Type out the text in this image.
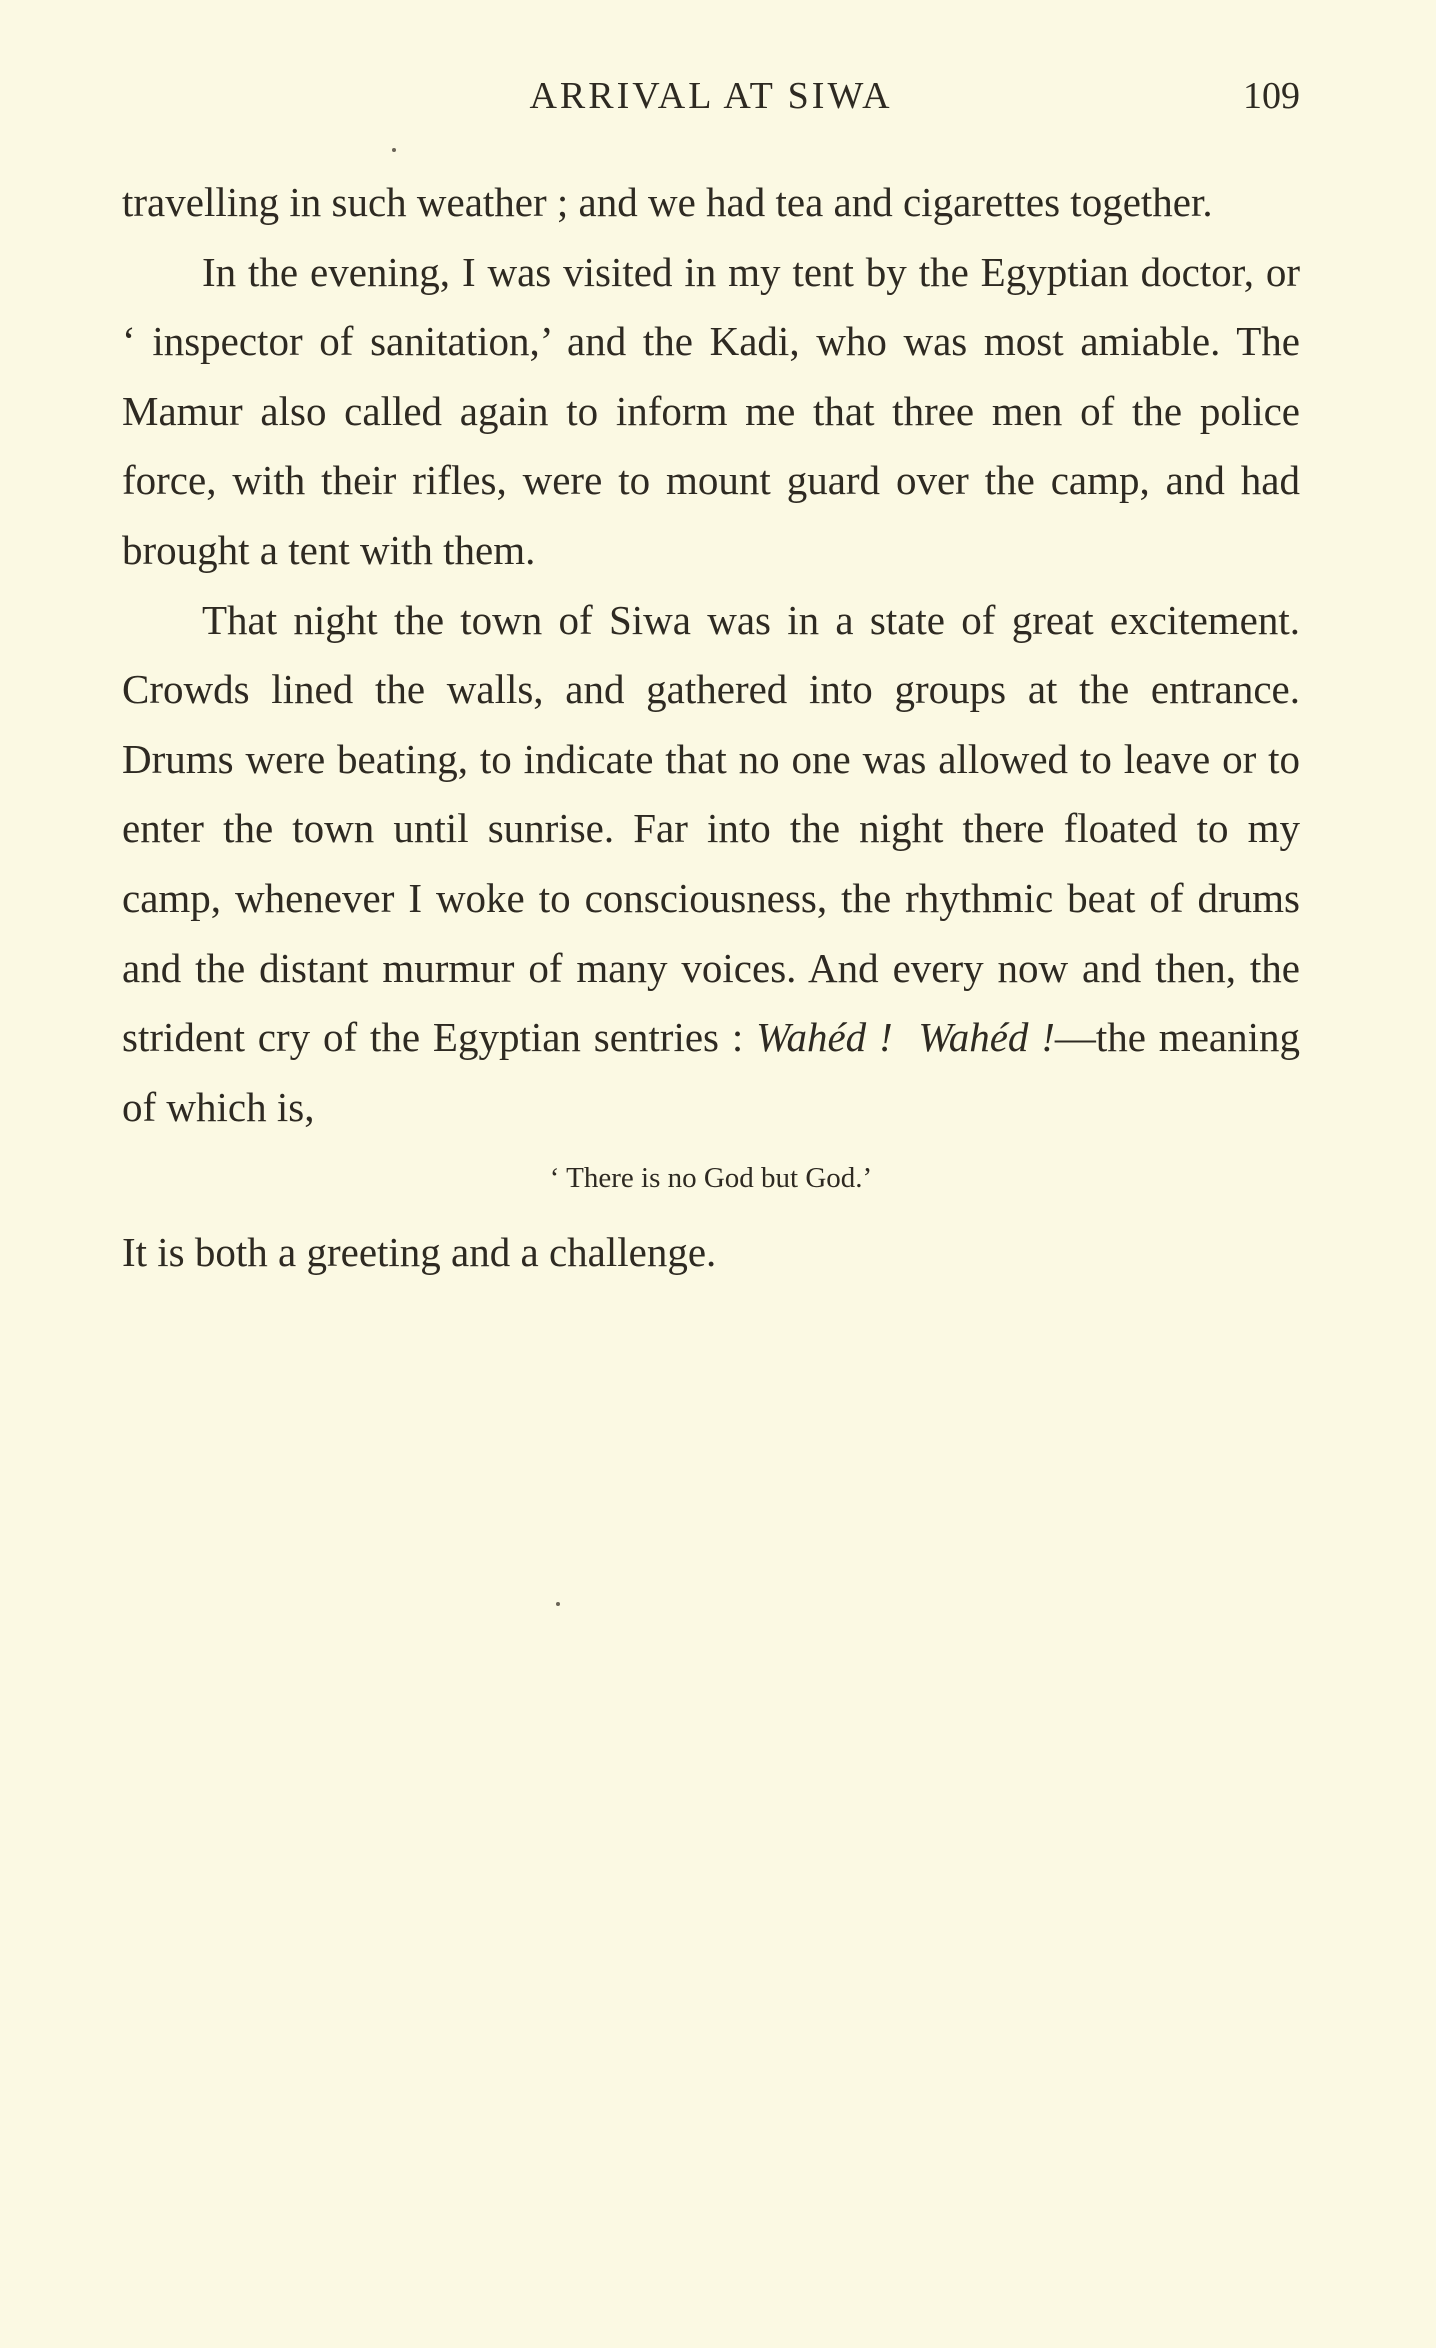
ARRIVAL AT SIWA	109

travelling in such weather ; and we had tea and cigarettes together.

In the evening, I was visited in my tent by the Egyptian doctor, or ‘ inspector of sanitation,’ and the Kadi, who was most amiable. The Mamur also called again to inform me that three men of the police force, with their rifles, were to mount guard over the camp, and had brought a tent with them.

That night the town of Siwa was in a state of great excitement. Crowds lined the walls, and gathered into groups at the entrance. Drums were beating, to indicate that no one was allowed to leave or to enter the town until sunrise. Far into the night there floated to my camp, whenever I woke to consciousness, the rhythmic beat of drums and the distant murmur of many voices. And every now and then, the strident cry of the Egyptian sentries : Wahéd ! Wahéd !—the meaning of which is,

‘ There is no God but God.’

It is both a greeting and a challenge.
